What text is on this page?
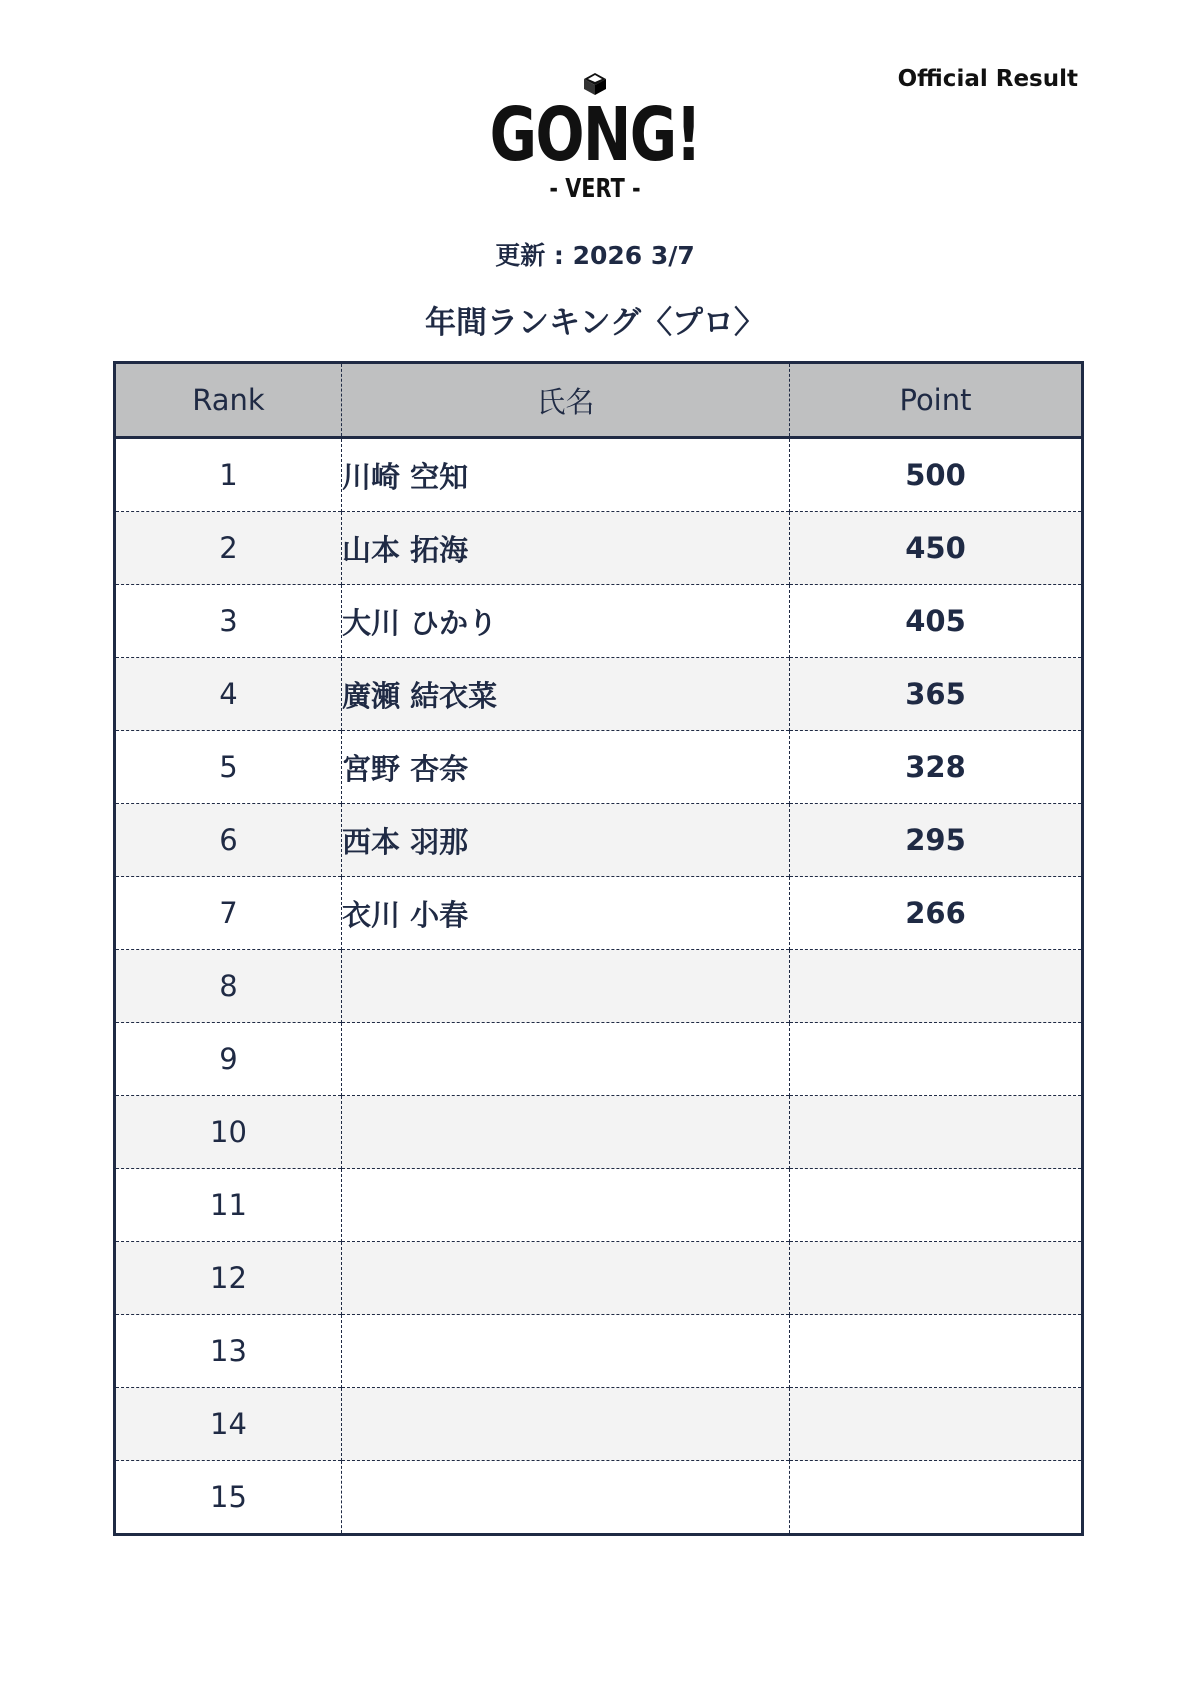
Official Result
GONG!
- VERT -
更新 : 2026 3/7
年間ランキング〈プロ〉
Rank	氏名	Point
1	川崎 空知	500
2	山本 拓海	450
3	大川 ひかり	405
4	廣瀬 結衣菜	365
5	宮野 杏奈	328
6	西本 羽那	295
7	衣川 小春	266
8		
9		
10		
11		
12		
13		
14		
15		
